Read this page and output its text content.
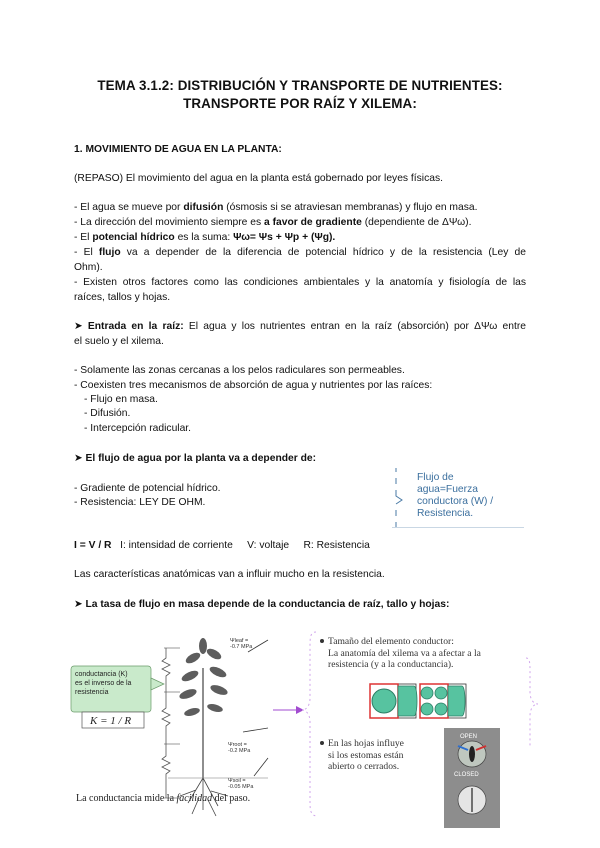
TEMA 3.1.2: DISTRIBUCIÓN Y TRANSPORTE DE NUTRIENTES:
TRANSPORTE POR RAÍZ Y XILEMA:
1. MOVIMIENTO DE AGUA EN LA PLANTA:
(REPASO) El movimiento del agua en la planta está gobernado por leyes físicas.
- El agua se mueve por difusión (ósmosis si se atraviesan membranas) y flujo en masa.
- La dirección del movimiento siempre es a favor de gradiente (dependiente de ΔΨω).
- El potencial hídrico es la suma: Ψω= Ψs + Ψp + (Ψg).
- El flujo va a depender de la diferencia de potencial hídrico y de la resistencia (Ley de
Ohm).
- Existen otros factores como las condiciones ambientales y la anatomía y fisiología de las
raíces, tallos y hojas.
➤ Entrada en la raíz: El agua y los nutrientes entran en la raíz (absorción) por ΔΨω entre
el suelo y el xilema.
- Solamente las zonas cercanas a los pelos radiculares son permeables.
- Coexisten tres mecanismos de absorción de agua y nutrientes por las raíces:
- Flujo en masa.
- Difusión.
- Intercepción radicular.
➤ El flujo de agua por la planta va a depender de:
- Gradiente de potencial hídrico.
- Resistencia: LEY DE OHM.
Flujo de
agua=Fuerza
conductora (W) /
Resistencia.
I = V / R I: intensidad de corriente V: voltaje R: Resistencia
Las características anatómicas van a influir mucho en la resistencia.
➤ La tasa de flujo en masa depende de la conductancia de raíz, tallo y hojas:
conductancia (K)
es el inverso de la
resistencia
K = 1 / R
Ψleaf =
-0.7 MPa
Ψroot =
-0.2 MPa
Ψsoil =
-0.05 MPa
OPEN
CLOSED
Tamaño del elemento conductor:
La anatomía del xilema va a afectar a la
resistencia (y a la conductancia).
En las hojas influye
si los estomas están
abierto o cerrados.
La conductancia mide la facilidad del paso.
